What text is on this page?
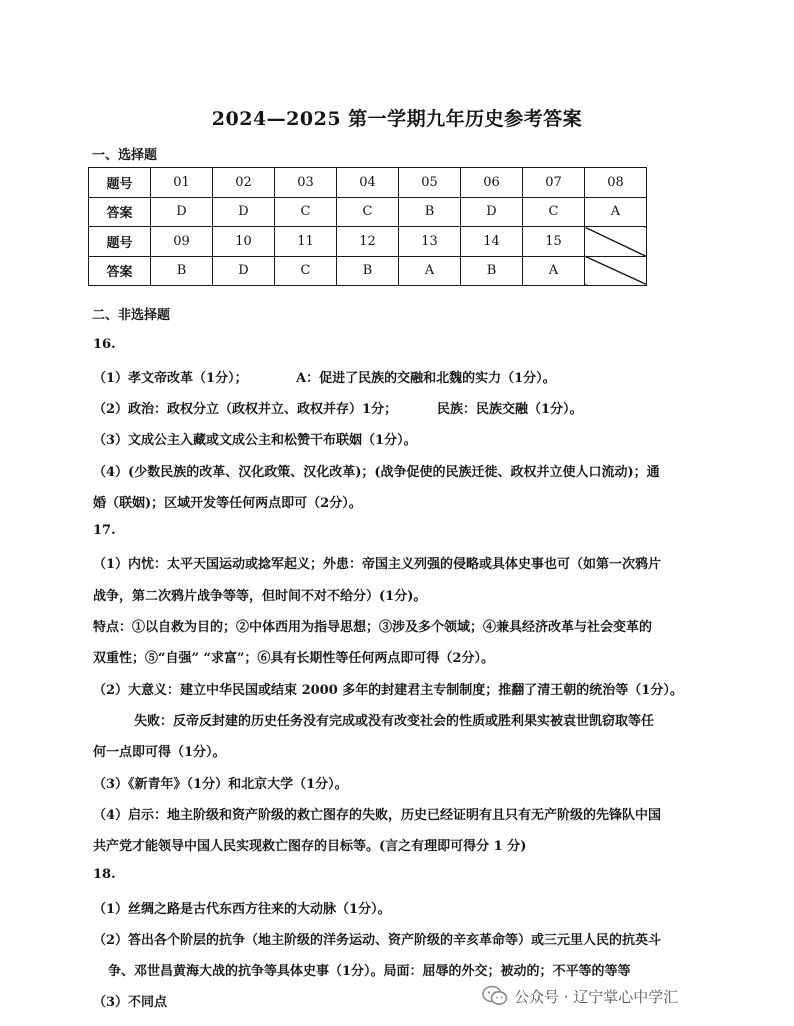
2024—2025 第一学期九年历史参考答案
一、选择题
题号	01	02	03	04	05	06	07	08
答案	D	D	C	C	B	D	C	A
题号	09	10	11	12	13	14	15	
答案	B	D	C	B	A	B	A	
二、非选择题
16.
（1）孝文帝改革（1分）；	A：促进了民族的交融和北魏的实力（1分）。
（2）政治：政权分立（政权并立、政权并存）1分；	民族：民族交融（1分）。
（3）文成公主入藏或文成公主和松赞干布联姻（1分）。
（4）(少数民族的改革、汉化政策、汉化改革)；(战争促使的民族迁徙、政权并立使人口流动)；通
婚（联姻)；区域开发等任何两点即可（2分）。
17.
（1）内忧：太平天国运动或捻军起义；外患：帝国主义列强的侵略或具体史事也可（如第一次鸦片
战争，第二次鸦片战争等等，但时间不对不给分）(1分)。
特点：①以自救为目的；②中体西用为指导思想；③涉及多个领域；④兼具经济改革与社会变革的
双重性；⑤“自强” “求富”；⑥具有长期性等任何两点即可得（2分）。
（2）大意义：建立中华民国或结束 2000 多年的封建君主专制制度；推翻了清王朝的统治等（1分）。
失败：反帝反封建的历史任务没有完成或没有改变社会的性质或胜利果实被袁世凯窃取等任
何一点即可得（1分）。
（3）《新青年》（1分）和北京大学（1分）。
（4）启示：地主阶级和资产阶级的救亡图存的失败，历史已经证明有且只有无产阶级的先锋队中国
共产党才能领导中国人民实现救亡图存的目标等。(言之有理即可得分 1 分)
18.
（1）丝绸之路是古代东西方往来的大动脉（1分）。
（2）答出各个阶层的抗争（地主阶级的洋务运动、资产阶级的辛亥革命等）或三元里人民的抗英斗
争、邓世昌黄海大战的抗争等具体史事（1分）。局面：屈辱的外交；被动的；不平等的等等
（3）不同点	公众号 · 辽宁掌心中学汇
